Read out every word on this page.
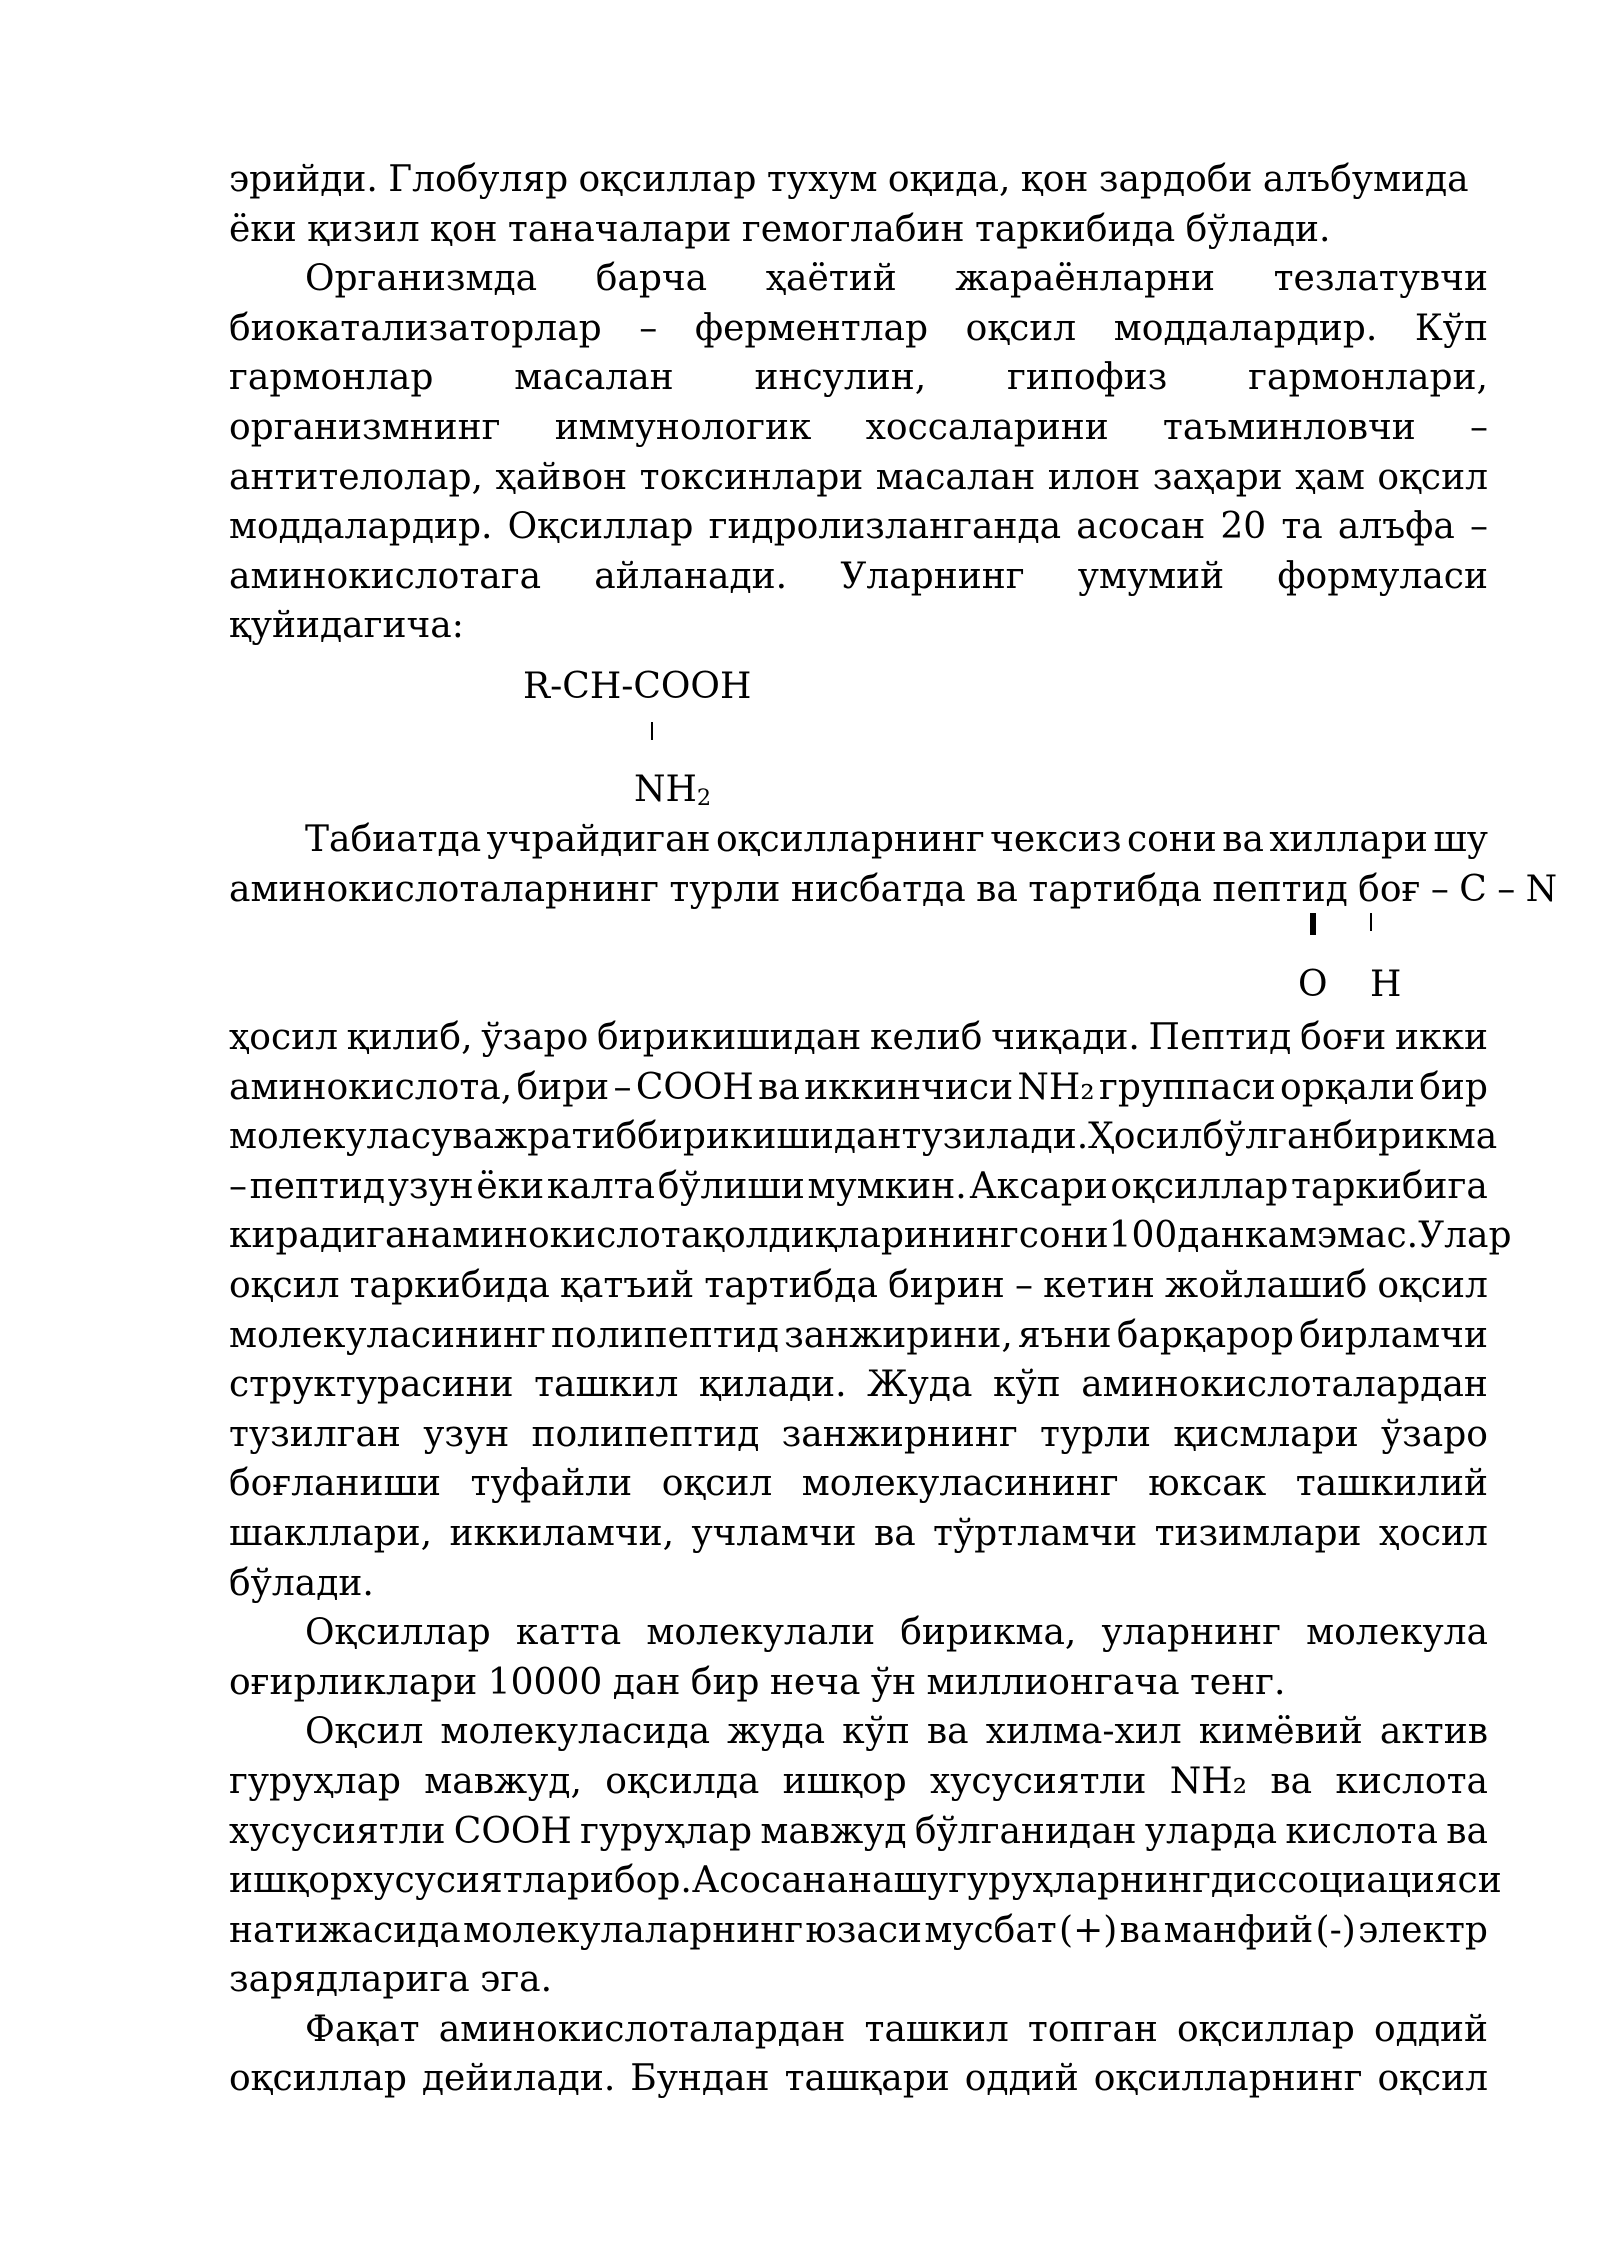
эрийди. Глобуляр оқсиллар тухум оқида, қон зардоби алъбумида
ёки қизил қон таначалари гемоглабин таркибида бўлади.
Организмда барча ҳаётий жараёнларни тезлатувчи
биокатализаторлар – ферментлар оқсил моддалардир. Кўп
гармонлар масалан инсулин, гипофиз гармонлари,
организмнинг иммунологик хоссаларини таъминловчи –
антителолар, ҳайвон токсинлари масалан илон заҳари ҳам оқсил
моддалардир. Оқсиллар гидролизланганда асосан 20 та алъфа –
аминокислотага айланади. Уларнинг умумий формуласи
қуйидагича:
R-CH-COOH
$NH_2$
Табиатда учрайдиган оқсилларнинг чексиз сони ва хиллари шу
аминокислоталарнинг турли нисбатда ва тартибда пептид боғ – C – N
O H
ҳосил қилиб, ўзаро бирикишидан келиб чиқади. Пептид боғи икки
аминокислота, бири – COOH ва иккинчиси NH₂ группаси орқали бир
молекула сув ажратиб бирикишидан тузилади. Ҳосил бўлган бирикма
– пептид узун ёки калта бўлиши мумкин. Аксари оқсиллар таркибига
кирадиган аминокислота қолдиқларининг сони 100 дан кам эмас. Улар
оқсил таркибида қатъий тартибда бирин – кетин жойлашиб оқсил
молекуласининг полипептид занжирини, яъни барқарор бирламчи
структурасини ташкил қилади. Жуда кўп аминокислоталардан
тузилган узун полипептид занжирнинг турли қисмлари ўзаро
боғланиши туфайли оқсил молекуласининг юксак ташкилий
шакллари, иккиламчи, учламчи ва тўртламчи тизимлари ҳосил
бўлади.
Оқсиллар катта молекулали бирикма, уларнинг молекула
оғирликлари 10000 дан бир неча ўн миллионгача тенг.
Оқсил молекуласида жуда кўп ва хилма-хил кимёвий актив
гуруҳлар мавжуд, оқсилда ишқор хусусиятли NH₂ ва кислота
хусусиятли COOH гуруҳлар мавжуд бўлганидан уларда кислота ва
ишқор хусусиятлари бор. Асосан ана шу гуруҳларнинг диссоциацияси
натижасида молекулаларнинг юзаси мусбат (+) ва манфий (-) электр
зарядларига эга.
Фақат аминокислоталардан ташкил топган оқсиллар оддий
оқсиллар дейилади. Бундан ташқари оддий оқсилларнинг оқсил
